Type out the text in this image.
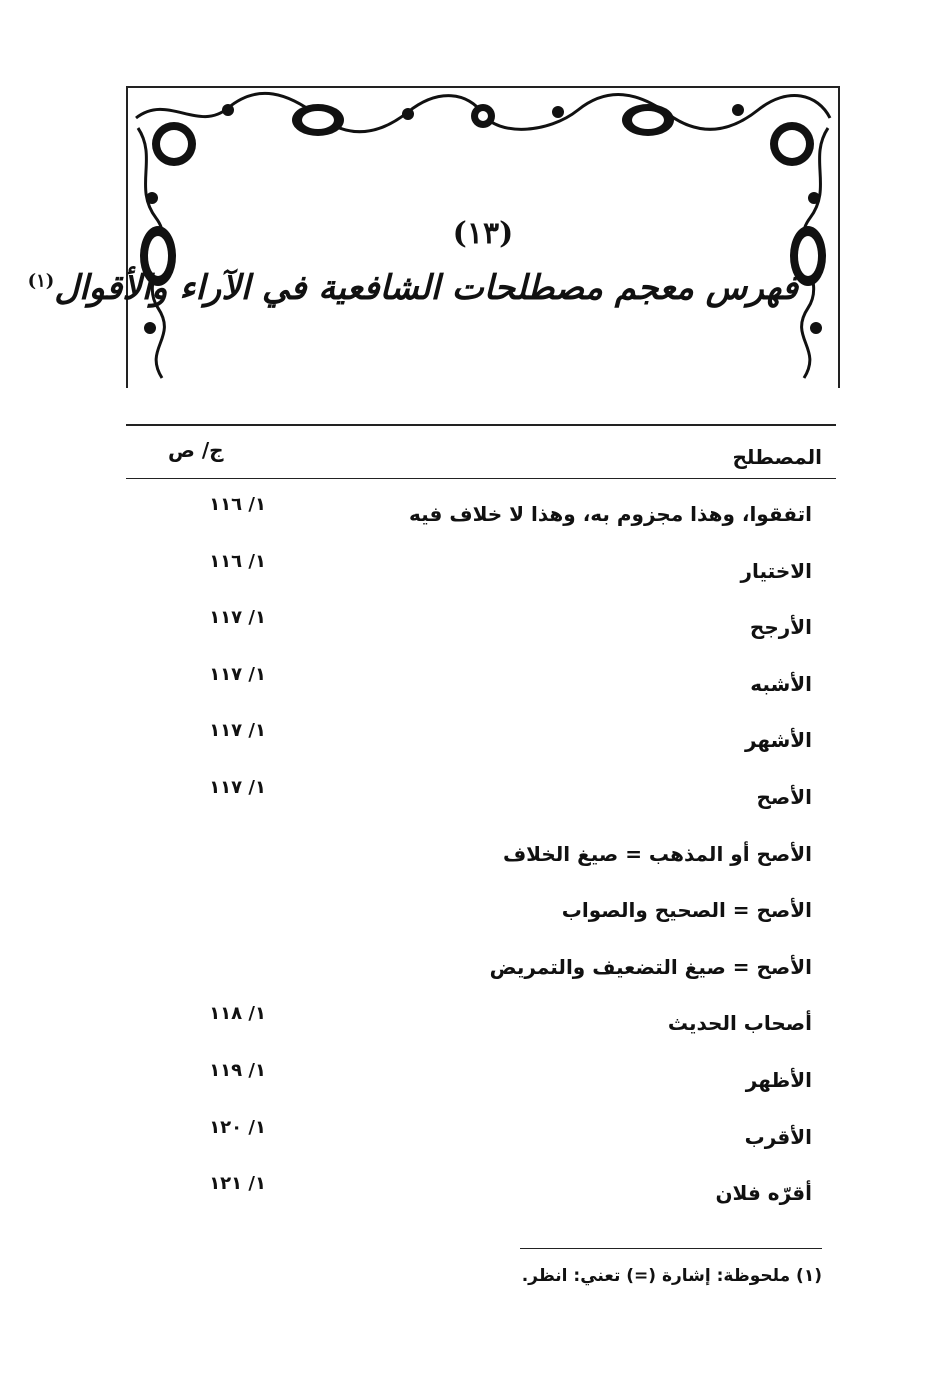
(١٣)
فهرس معجم مصطلحات الشافعية في الآراء والأقوال$^{(١)}$
المصطلح
ج/ ص
اتفقوا، وهذا مجزوم به، وهذا لا خلاف فيه
١/ ١١٦
الاختيار
١/ ١١٦
الأرجح
١/ ١١٧
الأشبه
١/ ١١٧
الأشهر
١/ ١١٧
الأصح
١/ ١١٧
الأصح أو المذهب = صيغ الخلاف
الأصح = الصحيح والصواب
الأصح = صيغ التضعيف والتمريض
أصحاب الحديث
١/ ١١٨
الأظهر
١/ ١١٩
الأقرب
١/ ١٢٠
أقرّه فلان
١/ ١٢١
(١) ملحوظة: إشارة (=) تعني: انظر.
